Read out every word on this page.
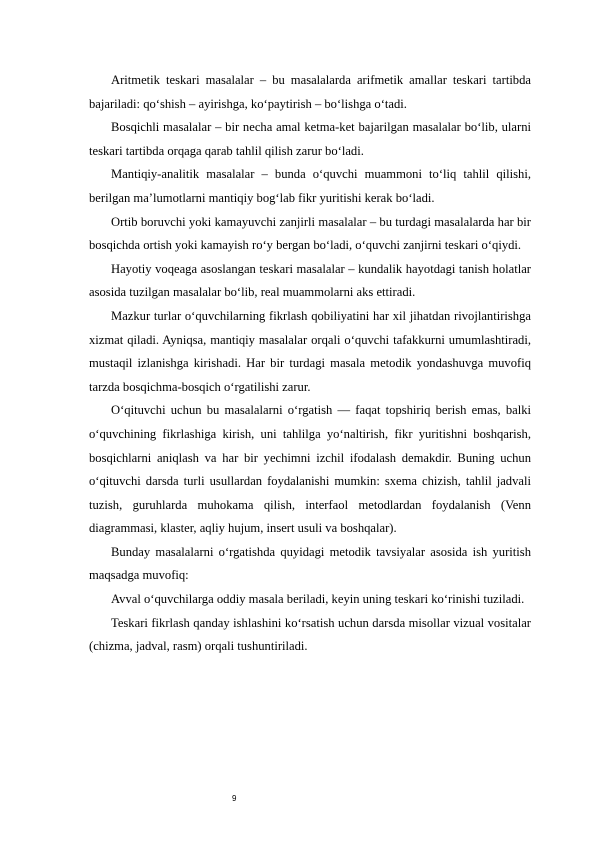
Aritmetik teskari masalalar – bu masalalarda arifmetik amallar teskari tartibda bajariladi: qo‘shish – ayirishga, ko‘paytirish – bo‘lishga o‘tadi.

Bosqichli masalalar – bir necha amal ketma-ket bajarilgan masalalar bo‘lib, ularni teskari tartibda orqaga qarab tahlil qilish zarur bo‘ladi.

Mantiqiy-analitik masalalar – bunda o‘quvchi muammoni to‘liq tahlil qilishi, berilgan ma’lumotlarni mantiqiy bog‘lab fikr yuritishi kerak bo‘ladi.

Ortib boruvchi yoki kamayuvchi zanjirli masalalar – bu turdagi masalalarda har bir bosqichda ortish yoki kamayish ro‘y bergan bo‘ladi, o‘quvchi zanjirni teskari o‘qiydi.

Hayotiy voqeaga asoslangan teskari masalalar – kundalik hayotdagi tanish holatlar asosida tuzilgan masalalar bo‘lib, real muammolarni aks ettiradi.

Mazkur turlar o‘quvchilarning fikrlash qobiliyatini har xil jihatdan rivojlantirishga xizmat qiladi. Ayniqsa, mantiqiy masalalar orqali o‘quvchi tafakkurni umumlashtiradi, mustaqil izlanishga kirishadi. Har bir turdagi masala metodik yondashuvga muvofiq tarzda bosqichma-bosqich o‘rgatilishi zarur.

O‘qituvchi uchun bu masalalarni o‘rgatish — faqat topshiriq berish emas, balki o‘quvchining fikrlashiga kirish, uni tahlilga yo‘naltirish, fikr yuritishni boshqarish, bosqichlarni aniqlash va har bir yechimni izchil ifodalash demakdir. Buning uchun o‘qituvchi darsda turli usullardan foydalanishi mumkin: sxema chizish, tahlil jadvali tuzish, guruhlarda muhokama qilish, interfaol metodlardan foydalanish (Venn diagrammasi, klaster, aqliy hujum, insert usuli va boshqalar).

Bunday masalalarni o‘rgatishda quyidagi metodik tavsiyalar asosida ish yuritish maqsadga muvofiq:

Avval o‘quvchilarga oddiy masala beriladi, keyin uning teskari ko‘rinishi tuziladi.

Teskari fikrlash qanday ishlashini ko‘rsatish uchun darsda misollar vizual vositalar (chizma, jadval, rasm) orqali tushuntiriladi.

9
